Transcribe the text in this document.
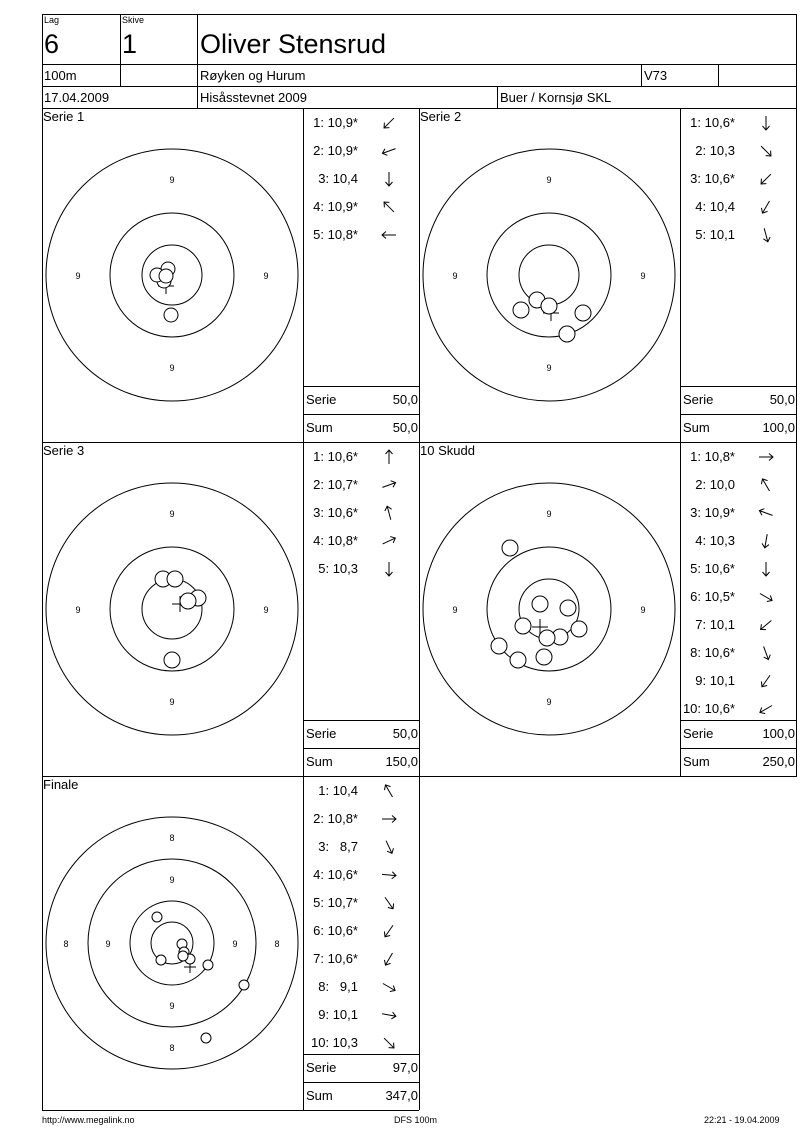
Lag
6
Skive
1 Oliver Stensrud
100m	Røyken og Hurum	V73
17.04.2009	Hisåsstevnet 2009	Buer / Kornsjø SKL
Serie 1	Serie 2
Serie 3	10 Skudd
Finale
9
9	9
9
9
9	9
9
9
9	9
9
9
9	9
9
8
9
8	9	9	8
9
8
1: 10,9*
2: 10,9*
3: 10,4
4: 10,9*
5: 10,8*
Serie	50,0
Sum	50,0
1: 10,6*
2: 10,3
3: 10,6*
4: 10,4
5: 10,1
Serie	50,0
Sum	100,0
1: 10,6*
2: 10,7*
3: 10,6*
4: 10,8*
5: 10,3
Serie	50,0
Sum	150,0
1: 10,8*
2: 10,0
3: 10,9*
4: 10,3
5: 10,6*
6: 10,5*
7: 10,1
8: 10,6*
9: 10,1
10: 10,6*
Serie	100,0
Sum	250,0
1: 10,4
2: 10,8*
3:   8,7
4: 10,6*
5: 10,7*
6: 10,6*
7: 10,6*
8:   9,1
9: 10,1
10: 10,3
Serie	97,0
Sum	347,0
http://www.megalink.no	DFS 100m	22:21 - 19.04.2009
